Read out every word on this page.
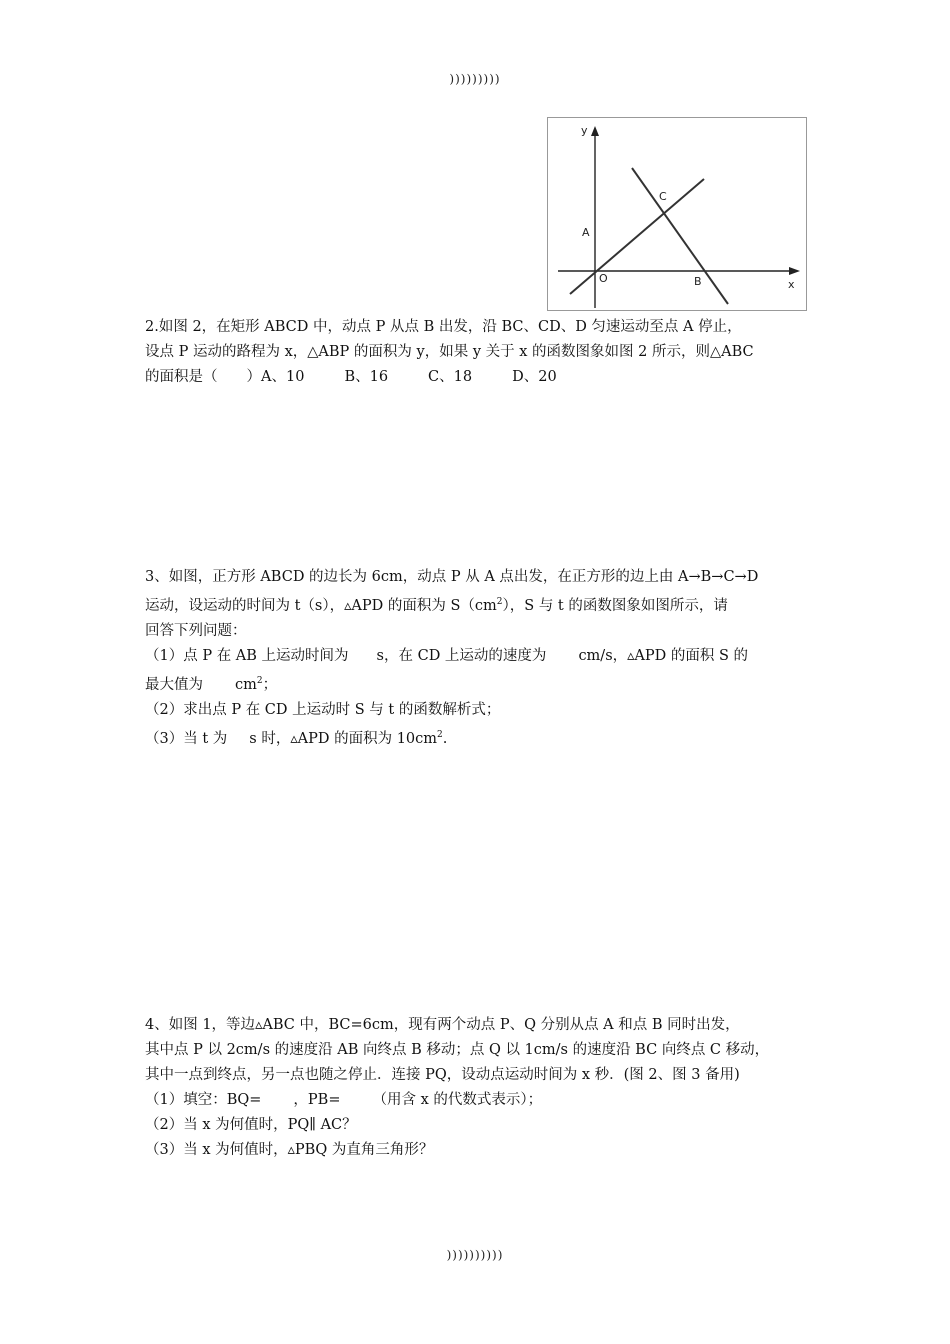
)))))))))
y
x
A
C
O	B

2.如图 2，在矩形 ABCD 中，动点 P 从点 B 出发，沿 BC、CD、D 匀速运动至点 A 停止，

设点 P 运动的路程为 x，△ABP 的面积为 y，如果 y 关于 x 的函数图象如图 2 所示，则△ABC

的面积是（　　）A、10	B、16	C、18	D、20

3、如图，正方形 ABCD 的边长为 6cm，动点 P 从 A 点出发，在正方形的边上由 A→B→C→D

运动，设运动的时间为 t（s），▵APD 的面积为 $S(cm^2)$，S 与 t 的函数图象如图所示，请

回答下列问题：

（1）点 P 在 AB 上运动时间为 s，在 CD 上运动的速度为 cm/s，▵APD 的面积 S 的

最大值为 $cm^2$；

（2）求出点 P 在 CD 上运动时 S 与 t 的函数解析式；

（3）当 t 为 s 时，▵APD 的面积为 $10cm^2$.

4、如图 1，等边▵ABC 中，BC=6cm，现有两个动点 P、Q 分别从点 A 和点 B 同时出发，

其中点 P 以 2cm/s 的速度沿 AB 向终点 B 移动；点 Q 以 1cm/s 的速度沿 BC 向终点 C 移动，

其中一点到终点，另一点也随之停止．连接 PQ，设动点运动时间为 x 秒．(图 2、图 3 备用)

（1）填空：BQ= ，PB= （用含 x 的代数式表示）；

（2）当 x 为何值时，PQ∥ AC？

（3）当 x 为何值时，▵PBQ 为直角三角形？

))))))))))
